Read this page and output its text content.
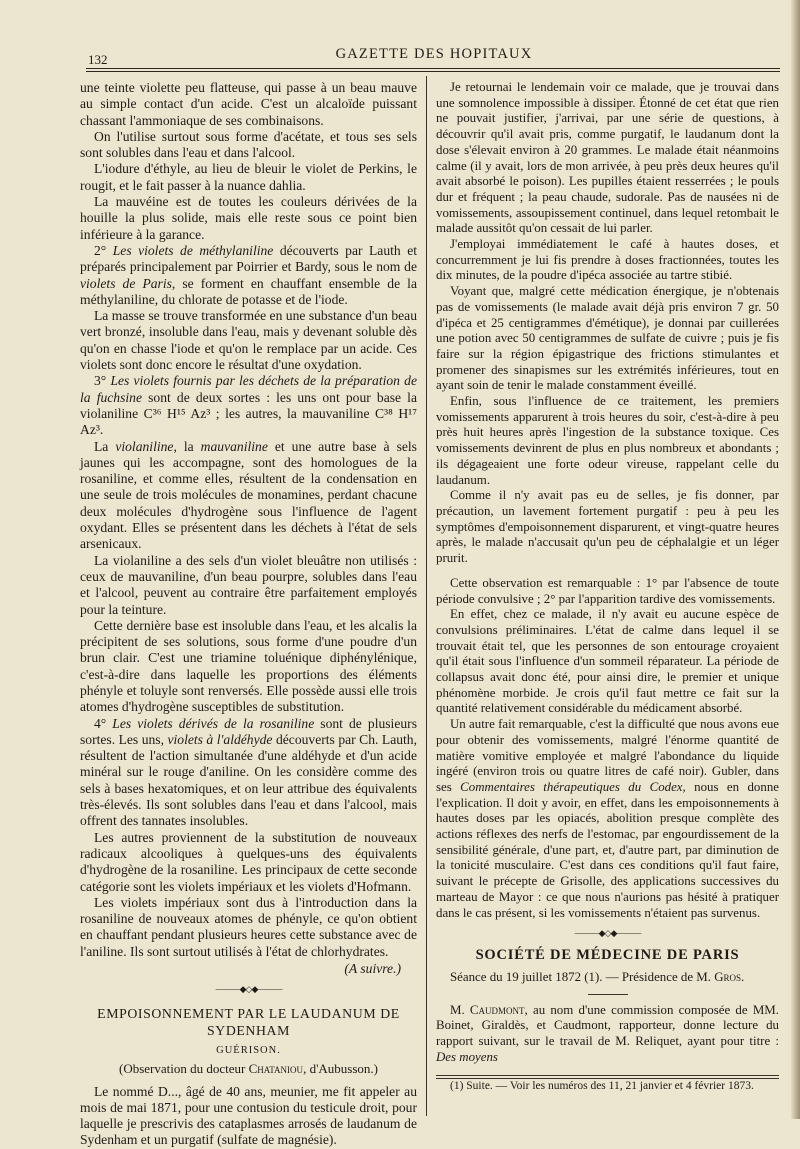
132	GAZETTE DES HOPITAUX

une teinte violette peu flatteuse, qui passe à un beau mauve au simple contact d'un acide. C'est un alcaloïde puissant chassant l'ammoniaque de ses combinaisons.

On l'utilise surtout sous forme d'acétate, et tous ses sels sont solubles dans l'eau et dans l'alcool.

L'iodure d'éthyle, au lieu de bleuir le violet de Perkins, le rougit, et le fait passer à la nuance dahlia.

La mauvéine est de toutes les couleurs dérivées de la houille la plus solide, mais elle reste sous ce point bien inférieure à la garance.

2° Les violets de méthylaniline découverts par Lauth et préparés principalement par Poirrier et Bardy, sous le nom de violets de Paris, se forment en chauffant ensemble de la méthylaniline, du chlorate de potasse et de l'iode.

La masse se trouve transformée en une substance d'un beau vert bronzé, insoluble dans l'eau, mais y devenant soluble dès qu'on en chasse l'iode et qu'on le remplace par un acide. Ces violets sont donc encore le résultat d'une oxydation.

3° Les violets fournis par les déchets de la préparation de la fuchsine sont de deux sortes : les uns ont pour base la violaniline C³⁶ H¹⁵ Az³ ; les autres, la mauvaniline C³⁸ H¹⁷ Az³.

La violaniline, la mauvaniline et une autre base à sels jaunes qui les accompagne, sont des homologues de la rosaniline, et comme elles, résultent de la condensation en une seule de trois molécules de monamines, perdant chacune deux molécules d'hydrogène sous l'influence de l'agent oxydant. Elles se présentent dans les déchets à l'état de sels arsenicaux.

La violaniline a des sels d'un violet bleuâtre non utilisés : ceux de mauvaniline, d'un beau pourpre, solubles dans l'eau et l'alcool, peuvent au contraire être parfaitement employés pour la teinture.

Cette dernière base est insoluble dans l'eau, et les alcalis la précipitent de ses solutions, sous forme d'une poudre d'un brun clair. C'est une triamine toluénique diphénylénique, c'est-à-dire dans laquelle les proportions des éléments phényle et toluyle sont renversés. Elle possède aussi elle trois atomes d'hydrogène susceptibles de substitution.

4° Les violets dérivés de la rosaniline sont de plusieurs sortes. Les uns, violets à l'aldéhyde découverts par Ch. Lauth, résultent de l'action simultanée d'une aldéhyde et d'un acide minéral sur le rouge d'aniline. On les considère comme des sels à bases hexatomiques, et on leur attribue des équivalents très-élevés. Ils sont solubles dans l'eau et dans l'alcool, mais offrent des tannates insolubles.

Les autres proviennent de la substitution de nouveaux radicaux alcooliques à quelques-uns des équivalents d'hydrogène de la rosaniline. Les principaux de cette seconde catégorie sont les violets impériaux et les violets d'Hofmann.

Les violets impériaux sont dus à l'introduction dans la rosaniline de nouveaux atomes de phényle, ce qu'on obtient en chauffant pendant plusieurs heures cette substance avec de l'aniline. Ils sont surtout utilisés à l'état de chlorhydrates.

(A suivre.)
———◆◇◆———
EMPOISONNEMENT PAR LE LAUDANUM DE SYDENHAM
GUÉRISON.
(Observation du docteur Chataniou, d'Aubusson.)

Le nommé D..., âgé de 40 ans, meunier, me fit appeler au mois de mai 1871, pour une contusion du testicule droit, pour laquelle je prescrivis des cataplasmes arrosés de laudanum de Sydenham et un purgatif (sulfate de magnésie).

Je retournai le lendemain voir ce malade, que je trouvai dans une somnolence impossible à dissiper. Étonné de cet état que rien ne pouvait justifier, j'arrivai, par une série de questions, à découvrir qu'il avait pris, comme purgatif, le laudanum dont la dose s'élevait environ à 20 grammes. Le malade était néanmoins calme (il y avait, lors de mon arrivée, à peu près deux heures qu'il avait absorbé le poison). Les pupilles étaient resserrées ; le pouls dur et fréquent ; la peau chaude, sudorale. Pas de nausées ni de vomissements, assoupissement continuel, dans lequel retombait le malade aussitôt qu'on cessait de lui parler.

J'employai immédiatement le café à hautes doses, et concurremment je lui fis prendre à doses fractionnées, toutes les dix minutes, de la poudre d'ipéca associée au tartre stibié.

Voyant que, malgré cette médication énergique, je n'obtenais pas de vomissements (le malade avait déjà pris environ 7 gr. 50 d'ipéca et 25 centigrammes d'émétique), je donnai par cuillerées une potion avec 50 centigrammes de sulfate de cuivre ; puis je fis faire sur la région épigastrique des frictions stimulantes et promener des sinapismes sur les extrémités inférieures, tout en ayant soin de tenir le malade constamment éveillé.

Enfin, sous l'influence de ce traitement, les premiers vomissements apparurent à trois heures du soir, c'est-à-dire à peu près huit heures après l'ingestion de la substance toxique. Ces vomissements devinrent de plus en plus nombreux et abondants ; ils dégageaient une forte odeur vireuse, rappelant celle du laudanum.

Comme il n'y avait pas eu de selles, je fis donner, par précaution, un lavement fortement purgatif : peu à peu les symptômes d'empoisonnement disparurent, et vingt-quatre heures après, le malade n'accusait qu'un peu de céphalalgie et un léger prurit.

Cette observation est remarquable : 1° par l'absence de toute période convulsive ; 2° par l'apparition tardive des vomissements.

En effet, chez ce malade, il n'y avait eu aucune espèce de convulsions préliminaires. L'état de calme dans lequel il se trouvait était tel, que les personnes de son entourage croyaient qu'il était sous l'influence d'un sommeil réparateur. La période de collapsus avait donc été, pour ainsi dire, le premier et unique phénomène morbide. Je crois qu'il faut mettre ce fait sur la quantité relativement considérable du médicament absorbé.

Un autre fait remarquable, c'est la difficulté que nous avons eue pour obtenir des vomissements, malgré l'énorme quantité de matière vomitive employée et malgré l'abondance du liquide ingéré (environ trois ou quatre litres de café noir). Gubler, dans ses Commentaires thérapeutiques du Codex, nous en donne l'explication. Il doit y avoir, en effet, dans les empoisonnements à hautes doses par les opiacés, abolition presque complète des actions réflexes des nerfs de l'estomac, par engourdissement de la sensibilité générale, d'une part, et, d'autre part, par diminution de la tonicité musculaire. C'est dans ces conditions qu'il faut faire, suivant le précepte de Grisolle, des applications successives du marteau de Mayor : ce que nous n'aurions pas hésité à pratiquer dans le cas présent, si les vomissements n'étaient pas survenus.

———◆◇◆———
SOCIÉTÉ DE MÉDECINE DE PARIS

Séance du 19 juillet 1872 (1). — Présidence de M. Gros.

M. Caudmont, au nom d'une commission composée de MM. Boinet, Giraldès, et Caudmont, rapporteur, donne lecture du rapport suivant, sur le travail de M. Reliquet, ayant pour titre : Des moyens

(1) Suite. — Voir les numéros des 11, 21 janvier et 4 février 1873.
